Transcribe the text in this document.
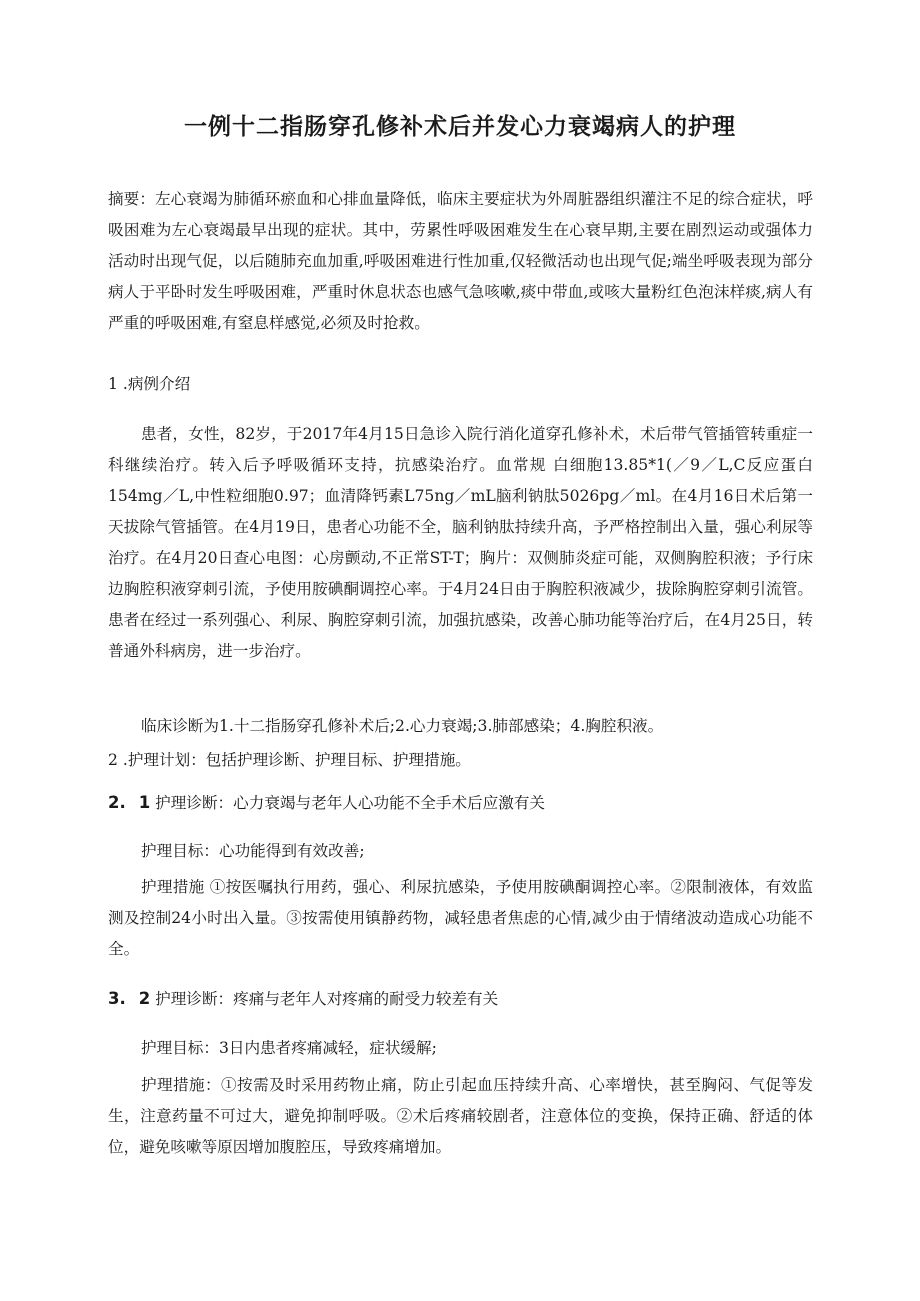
一例十二指肠穿孔修补术后并发心力衰竭病人的护理

摘要：左心衰竭为肺循环瘀血和心排血量降低，临床主要症状为外周脏器组织灌注不足的综合症状，呼吸困难为左心衰竭最早出现的症状。其中，劳累性呼吸困难发生在心衰早期,主要在剧烈运动或强体力活动时出现气促，以后随肺充血加重,呼吸困难进行性加重,仅轻微活动也出现气促;端坐呼吸表现为部分病人于平卧时发生呼吸困难，严重时休息状态也感气急咳嗽,痰中带血,或咳大量粉红色泡沫样痰,病人有严重的呼吸困难,有窒息样感觉,必须及时抢救。

1 .病例介绍

患者，女性，82岁，于2017年4月15日急诊入院行消化道穿孔修补术，术后带气管插管转重症一科继续治疗。转入后予呼吸循环支持，抗感染治疗。血常规 白细胞13.85*1(／9／L,C反应蛋白154mg／L,中性粒细胞0.97；血清降钙素L75ng／mL脑利钠肽5026pg／ml。在4月16日术后第一天拔除气管插管。在4月19日，患者心功能不全，脑利钠肽持续升高，予严格控制出入量，强心利尿等治疗。在4月20日查心电图：心房颤动,不正常ST-T；胸片：双侧肺炎症可能，双侧胸腔积液；予行床边胸腔积液穿刺引流，予使用胺碘酮调控心率。于4月24日由于胸腔积液减少，拔除胸腔穿刺引流管。患者在经过一系列强心、利尿、胸腔穿刺引流，加强抗感染，改善心肺功能等治疗后，在4月25日，转普通外科病房，进一步治疗。

临床诊断为1.十二指肠穿孔修补术后;2.心力衰竭;3.肺部感染；4.胸腔积液。

2 .护理计划：包括护理诊断、护理目标、护理措施。

2. 1 护理诊断：心力衰竭与老年人心功能不全手术后应激有关

护理目标：心功能得到有效改善;

护理措施 ①按医嘱执行用药，强心、利尿抗感染，予使用胺碘酮调控心率。②限制液体，有效监测及控制24小时出入量。③按需使用镇静药物，减轻患者焦虑的心情,减少由于情绪波动造成心功能不全。

3. 2 护理诊断：疼痛与老年人对疼痛的耐受力较差有关

护理目标：3日内患者疼痛减轻，症状缓解;

护理措施：①按需及时采用药物止痛，防止引起血压持续升高、心率增快，甚至胸闷、气促等发生，注意药量不可过大，避免抑制呼吸。②术后疼痛较剧者，注意体位的变换，保持正确、舒适的体位，避免咳嗽等原因增加腹腔压，导致疼痛增加。
